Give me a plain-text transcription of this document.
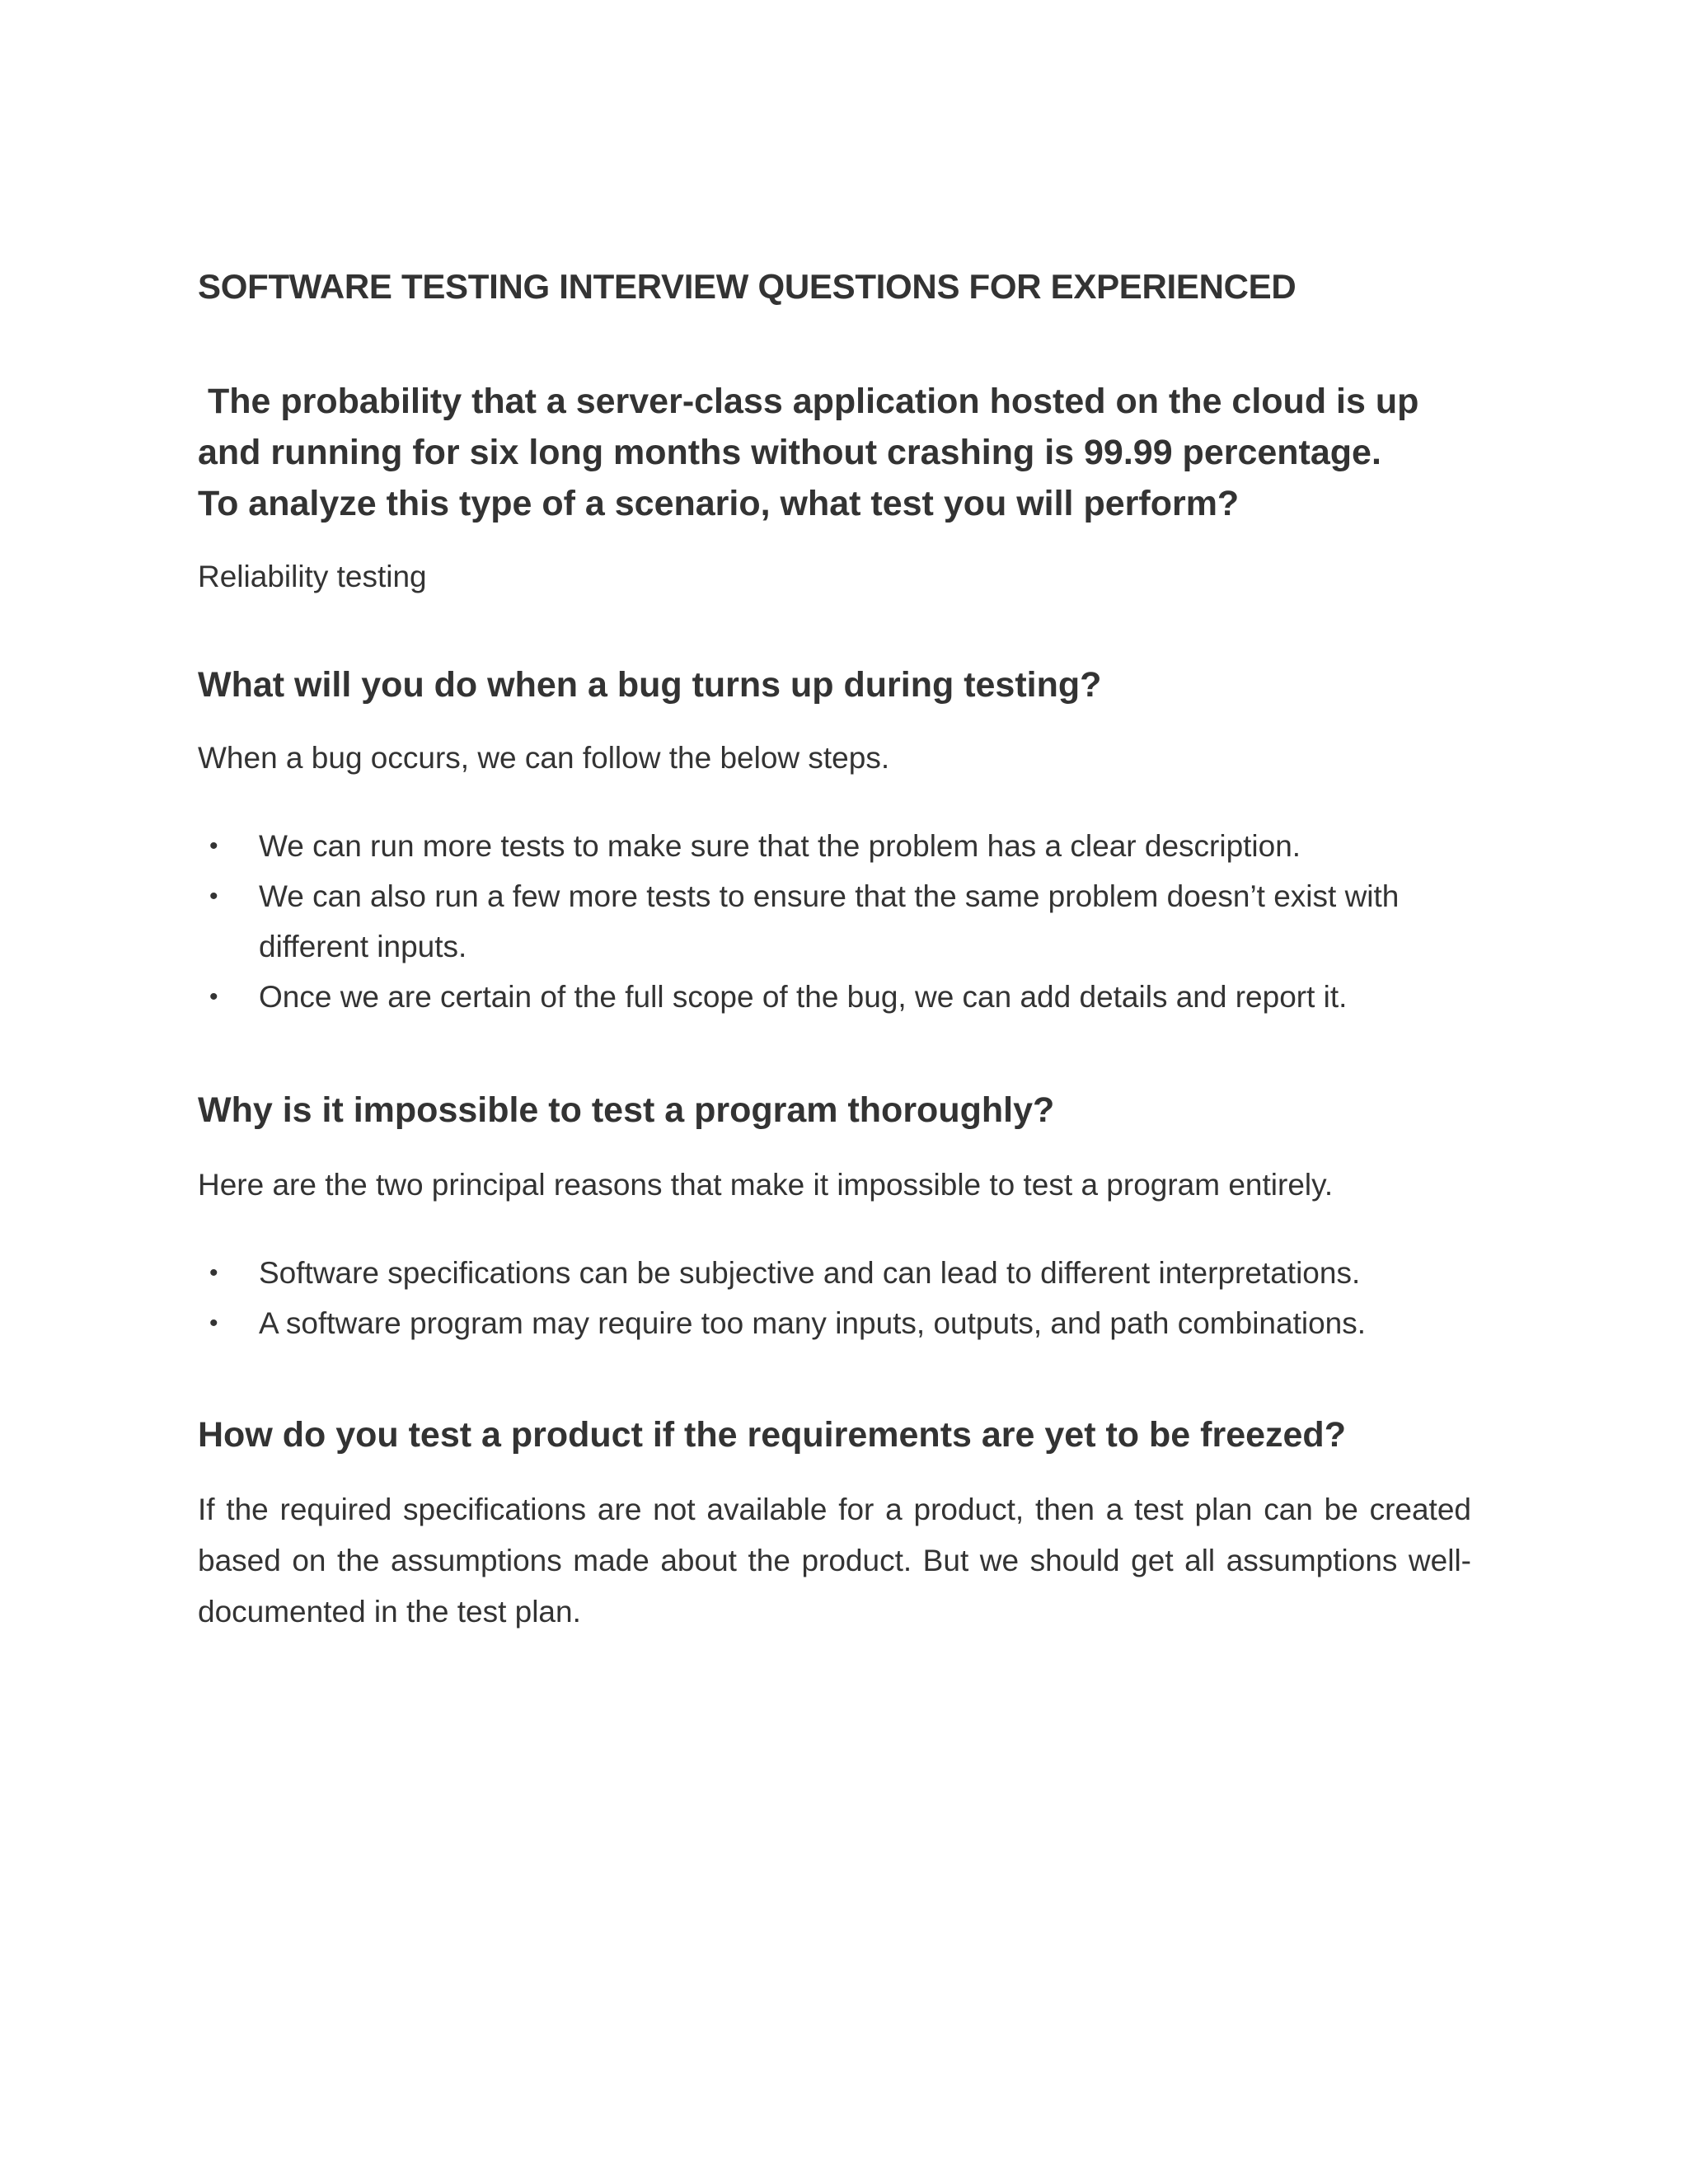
SOFTWARE TESTING INTERVIEW QUESTIONS FOR EXPERIENCED
The probability that a server-class application hosted on the cloud is up
and running for six long months without crashing is 99.99 percentage.
To analyze this type of a scenario, what test you will perform?

Reliability testing

What will you do when a bug turns up during testing?

When a bug occurs, we can follow the below steps.

• We can run more tests to make sure that the problem has a clear description.
• We can also run a few more tests to ensure that the same problem doesn’t exist with different inputs.
• Once we are certain of the full scope of the bug, we can add details and report it.
Why is it impossible to test a program thoroughly?

Here are the two principal reasons that make it impossible to test a program entirely.

• Software specifications can be subjective and can lead to different interpretations.
• A software program may require too many inputs, outputs, and path combinations.
How do you test a product if the requirements are yet to be freezed?

If the required specifications are not available for a product, then a test plan can be created based on the assumptions made about the product. But we should get all assumptions well-documented in the test plan.
